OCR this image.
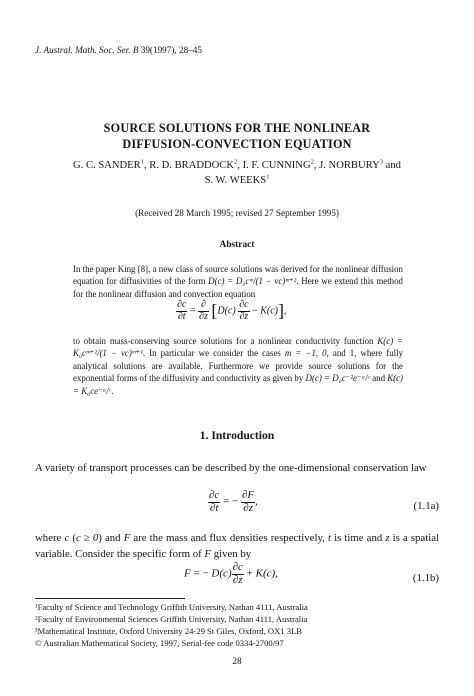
J. Austral. Math. Soc. Ser. B 39(1997), 28–45
SOURCE SOLUTIONS FOR THE NONLINEAR
DIFFUSION-CONVECTION EQUATION
G. C. SANDER$^1$, R. D. BRADDOCK$^2$, I. F. CUNNING$^2$, J. NORBURY$^3$ and
S. W. WEEKS$^1$
(Received 28 March 1995; revised 27 September 1995)
Abstract
In the paper King [8], a new class of source solutions was derived for the nonlinear diffusion equation for diffusivities of the form D(c) = D₀cᵐ/(1 − νc)ᵐ⁺². Here we extend this method for the nonlinear diffusion and convection equation
$\frac{\partial c}{\partial t} = \frac{\partial}{\partial z} [D(c) \frac{\partial c}{\partial z} - K(c)]$,
to obtain mass-conserving source solutions for a nonlinear conductivity function K(c) = K₀cᵐ⁺²/(1 − νc)ᵐ⁺¹. In particular we consider the cases m = −1, 0, and 1, where fully analytical solutions are available. Furthermore we provide source solutions for the exponential forms of the diffusivity and conductivity as given by D(c) = D₀c⁻²e⁻ᵃ/ᶜ and K(c) = K₀ce⁻ᵃ/ᶜ.
1. Introduction
A variety of transport processes can be described by the one-dimensional conservation law
$\frac{\partial c}{\partial t}$ = − $\frac{\partial F}{\partial z}$ ,	(1.1a)
where c (c ≥ 0) and F are the mass and flux densities respectively, t is time and z is a spatial variable. Consider the specific form of F given by
F = − $D(c) \frac{\partial c}{\partial z} + K(c)$,	(1.1b)
¹Faculty of Science and Technology Griffith University, Nathan 4111, Australia
²Faculty of Environmental Sciences Griffith University, Nathan 4111, Australia
³Mathematical Institute, Oxford University 24-29 St Giles, Oxford, OX1 3LB
© Australian Mathematical Society, 1997, Serial-fee code 0334-2700/97
28
